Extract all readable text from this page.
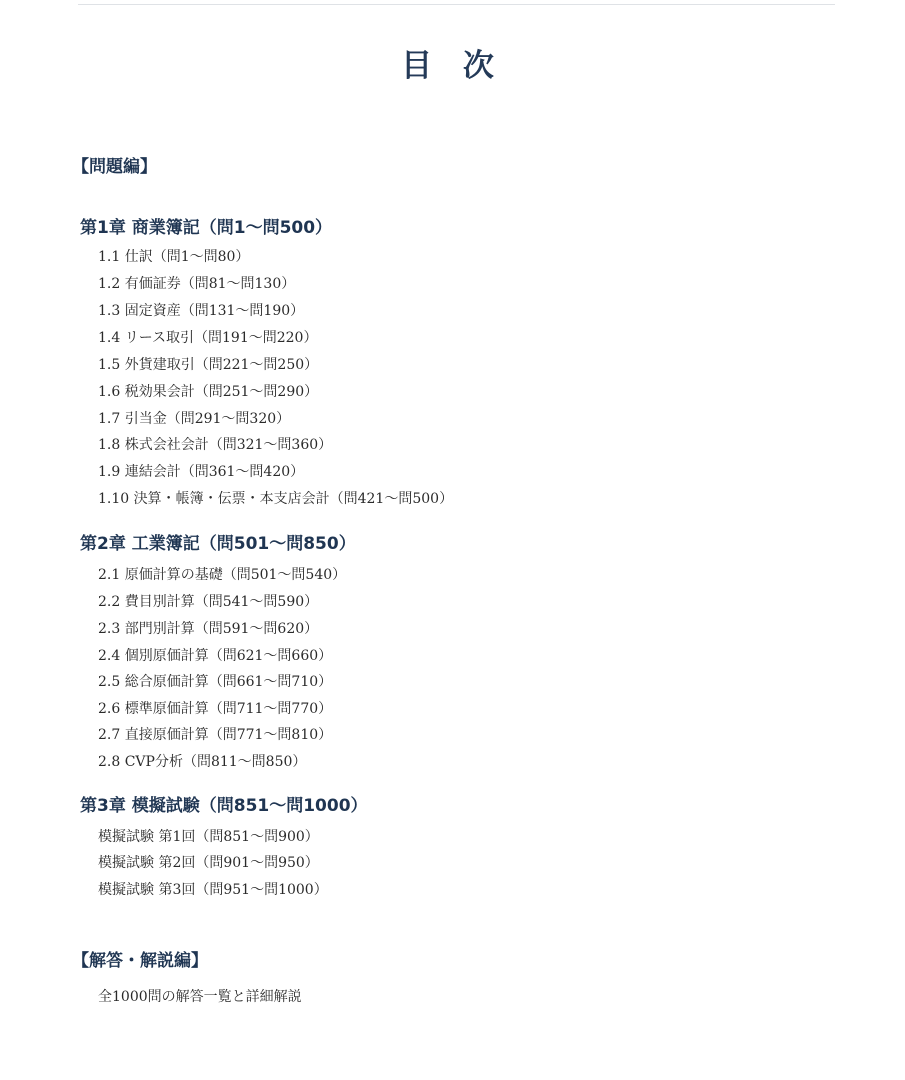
目 次
【問題編】
第1章 商業簿記（問1〜問500）
1.1 仕訳（問1〜問80）
1.2 有価証券（問81〜問130）
1.3 固定資産（問131〜問190）
1.4 リース取引（問191〜問220）
1.5 外貨建取引（問221〜問250）
1.6 税効果会計（問251〜問290）
1.7 引当金（問291〜問320）
1.8 株式会社会計（問321〜問360）
1.9 連結会計（問361〜問420）
1.10 決算・帳簿・伝票・本支店会計（問421〜問500）
第2章 工業簿記（問501〜問850）
2.1 原価計算の基礎（問501〜問540）
2.2 費目別計算（問541〜問590）
2.3 部門別計算（問591〜問620）
2.4 個別原価計算（問621〜問660）
2.5 総合原価計算（問661〜問710）
2.6 標準原価計算（問711〜問770）
2.7 直接原価計算（問771〜問810）
2.8 CVP分析（問811〜問850）
第3章 模擬試験（問851〜問1000）
模擬試験 第1回（問851〜問900）
模擬試験 第2回（問901〜問950）
模擬試験 第3回（問951〜問1000）
【解答・解説編】
全1000問の解答一覧と詳細解説
